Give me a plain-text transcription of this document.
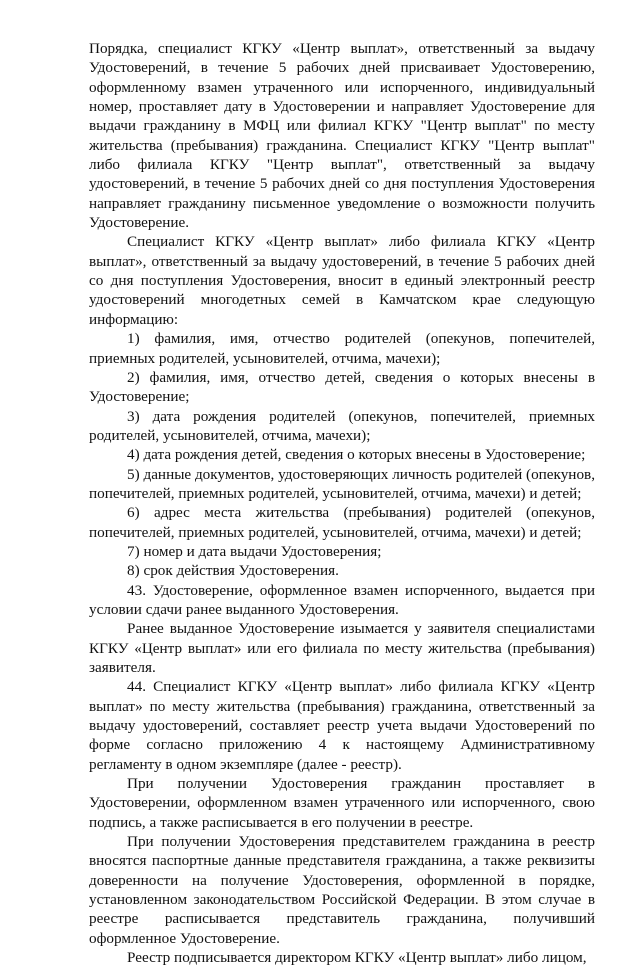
Порядка, специалист КГКУ «Центр выплат», ответственный за выдачу Удостоверений, в течение 5 рабочих дней присваивает Удостоверению, оформленному взамен утраченного или испорченного, индивидуальный номер, проставляет дату в Удостоверении и направляет Удостоверение для выдачи гражданину в МФЦ или филиал КГКУ "Центр выплат" по месту жительства (пребывания) гражданина. Специалист КГКУ "Центр выплат" либо филиала КГКУ "Центр выплат", ответственный за выдачу удостоверений, в течение 5 рабочих дней со дня поступления Удостоверения направляет гражданину письменное уведомление о возможности получить Удостоверение.

Специалист КГКУ «Центр выплат» либо филиала КГКУ «Центр выплат», ответственный за выдачу удостоверений, в течение 5 рабочих дней со дня поступления Удостоверения, вносит в единый электронный реестр удостоверений многодетных семей в Камчатском крае следующую информацию:

1) фамилия, имя, отчество родителей (опекунов, попечителей, приемных родителей, усыновителей, отчима, мачехи);

2) фамилия, имя, отчество детей, сведения о которых внесены в Удостоверение;

3) дата рождения родителей (опекунов, попечителей, приемных родителей, усыновителей, отчима, мачехи);

4) дата рождения детей, сведения о которых внесены в Удостоверение;

5) данные документов, удостоверяющих личность родителей (опекунов, попечителей, приемных родителей, усыновителей, отчима, мачехи) и детей;

6) адрес места жительства (пребывания) родителей (опекунов, попечителей, приемных родителей, усыновителей, отчима, мачехи) и детей;

7) номер и дата выдачи Удостоверения;

8) срок действия Удостоверения.

43. Удостоверение, оформленное взамен испорченного, выдается при условии сдачи ранее выданного Удостоверения.

Ранее выданное Удостоверение изымается у заявителя специалистами КГКУ «Центр выплат» или его филиала по месту жительства (пребывания) заявителя.

44. Специалист КГКУ «Центр выплат» либо филиала КГКУ «Центр выплат» по месту жительства (пребывания) гражданина, ответственный за выдачу удостоверений, составляет реестр учета выдачи Удостоверений по форме согласно приложению 4 к настоящему Административному регламенту в одном экземпляре (далее - реестр).

При получении Удостоверения гражданин проставляет в Удостоверении, оформленном взамен утраченного или испорченного, свою подпись, а также расписывается в его получении в реестре.

При получении Удостоверения представителем гражданина в реестр вносятся паспортные данные представителя гражданина, а также реквизиты доверенности на получение Удостоверения, оформленной в порядке, установленном законодательством Российской Федерации. В этом случае в реестре расписывается представитель гражданина, получивший оформленное Удостоверение.

Реестр подписывается директором КГКУ «Центр выплат» либо лицом,
